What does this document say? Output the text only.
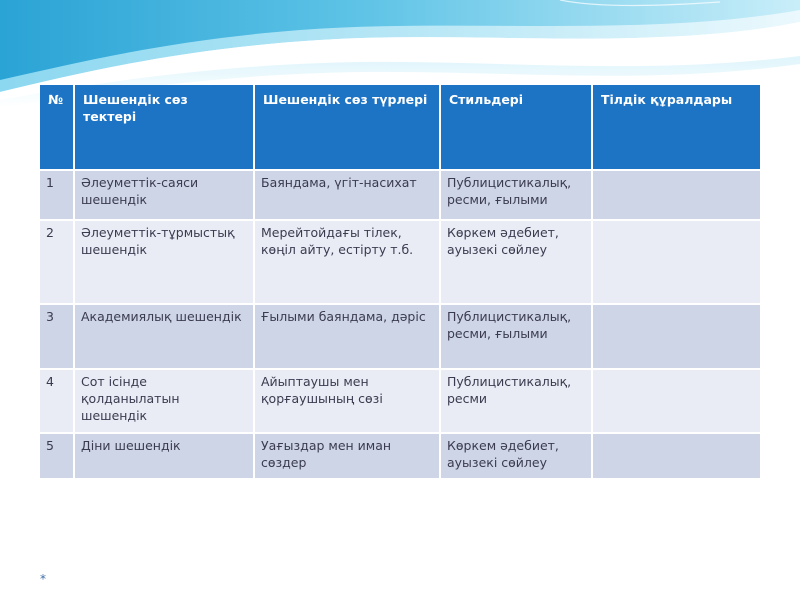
№	Шешендік сөз тектері	Шешендік сөз түрлері	Стильдері	Тілдік құралдары
1	Әлеуметтік-саяси шешендік	Баяндама, үгіт-насихат	Публицистикалық, ресми, ғылыми	
2	Әлеуметтік-тұрмыстық шешендік	Мерейтойдағы тілек, көңіл айту, естірту т.б.	Көркем әдебиет, ауызекі сөйлеу	
3	Академиялық шешендік	Ғылыми баяндама, дәріс	Публицистикалық, ресми, ғылыми	
4	Сот ісінде қолданылатын шешендік	Айыптаушы мен қорғаушының сөзі	Публицистикалық, ресми	
5	Діни шешендік	Уағыздар мен иман сөздер	Көркем әдебиет, ауызекі сөйлеу	
*
